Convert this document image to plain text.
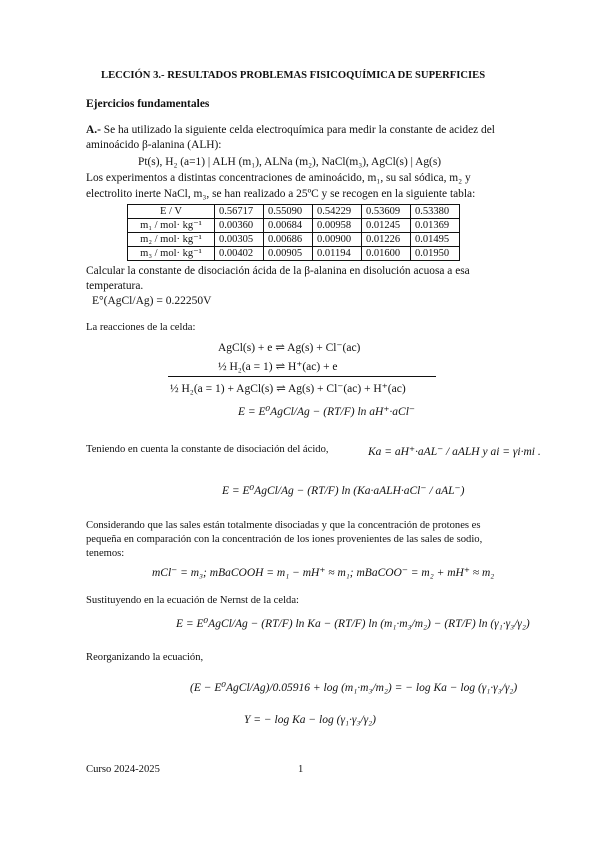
LECCIÓN 3.- RESULTADOS PROBLEMAS FISICOQUÍMICA DE SUPERFICIES
Ejercicios fundamentales
A.- Se ha utilizado la siguiente celda electroquímica para medir la constante de acidez del
aminoácido β-alanina (ALH):
Pt(s), H₂ (a=1) | ALH (m₁), ALNa (m₂), NaCl(m₃), AgCl(s) | Ag(s)
Los experimentos a distintas concentraciones de aminoácido, m₁, su sal sódica, m₂ y
electrolito inerte NaCl, m₃, se han realizado a 25ºC y se recogen en la siguiente tabla:
E / V	0.56717	0.55090	0.54229	0.53609	0.53380
m₁ / mol· kg⁻¹	0.00360	0.00684	0.00958	0.01245	0.01369
m₂ / mol· kg⁻¹	0.00305	0.00686	0.00900	0.01226	0.01495
m₃ / mol· kg⁻¹	0.00402	0.00905	0.01194	0.01600	0.01950
Calcular la constante de disociación ácida de la β-alanina en disolución acuosa a esa
temperatura.
E°(AgCl/Ag) = 0.22250V
La reacciones de la celda:
AgCl(s) + e ⇌ Ag(s) + Cl⁻(ac)
½ H₂(a = 1) ⇌ H⁺(ac) + e
½ H₂(a = 1) + AgCl(s) ⇌ Ag(s) + Cl⁻(ac) + H⁺(ac)
E = E⁰AgCl/Ag − (RT/F) ln aH⁺·aCl⁻
Teniendo en cuenta la constante de disociación del ácido,	Ka = aH⁺·aAL⁻ / aALH y ai = γi·mi .
E = E⁰AgCl/Ag − (RT/F) ln (Ka·aALH·aCl⁻ / aAL⁻)
Considerando que las sales están totalmente disociadas y que la concentración de protones es
pequeña en comparación con la concentración de los iones provenientes de las sales de sodio,
tenemos:
mCl⁻ = m₃; mBaCOOH = m₁ − mH⁺ ≈ m₁; mBaCOO⁻ = m₂ + mH⁺ ≈ m₂
Sustituyendo en la ecuación de Nernst de la celda:
E = E⁰AgCl/Ag − (RT/F) ln Ka − (RT/F) ln (m₁·m₃/m₂) − (RT/F) ln (γ₁·γ₃/γ₂)
Reorganizando la ecuación,
(E − E⁰AgCl/Ag)/0.05916 + log (m₁·m₃/m₂) = − log Ka − log (γ₁·γ₃/γ₂)
Y = − log Ka − log (γ₁·γ₃/γ₂)
Curso 2024-2025	1
